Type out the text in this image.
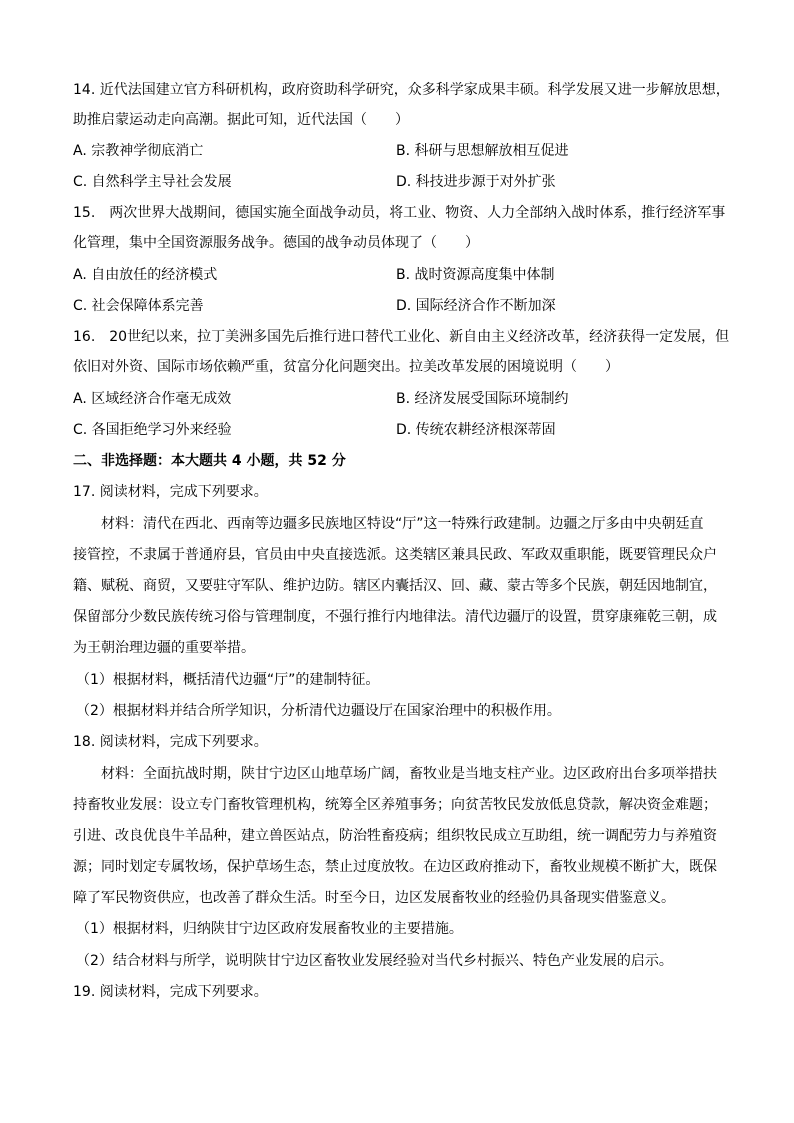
14. 近代法国建立官方科研机构，政府资助科学研究，众多科学家成果丰硕。科学发展又进一步解放思想，
助推启蒙运动走向高潮。据此可知，近代法国（　　）
A. 宗教神学彻底消亡	B. 科研与思想解放相互促进
C. 自然科学主导社会发展	D. 科技进步源于对外扩张
15.　两次世界大战期间，德国实施全面战争动员，将工业、物资、人力全部纳入战时体系，推行经济军事
化管理，集中全国资源服务战争。德国的战争动员体现了（　　）
A. 自由放任的经济模式	B. 战时资源高度集中体制
C. 社会保障体系完善	D. 国际经济合作不断加深
16.　20世纪以来，拉丁美洲多国先后推行进口替代工业化、新自由主义经济改革，经济获得一定发展，但
依旧对外资、国际市场依赖严重，贫富分化问题突出。拉美改革发展的困境说明（　　）
A. 区域经济合作毫无成效	B. 经济发展受国际环境制约
C. 各国拒绝学习外来经验	D. 传统农耕经济根深蒂固
二、非选择题：本大题共 4 小题，共 52 分
17. 阅读材料，完成下列要求。
材料：清代在西北、西南等边疆多民族地区特设“厅”这一特殊行政建制。边疆之厅多由中央朝廷直
接管控，不隶属于普通府县，官员由中央直接选派。这类辖区兼具民政、军政双重职能，既要管理民众户
籍、赋税、商贸，又要驻守军队、维护边防。辖区内囊括汉、回、藏、蒙古等多个民族，朝廷因地制宜，
保留部分少数民族传统习俗与管理制度，不强行推行内地律法。清代边疆厅的设置，贯穿康雍乾三朝，成
为王朝治理边疆的重要举措。
（1）根据材料，概括清代边疆“厅”的建制特征。
（2）根据材料并结合所学知识，分析清代边疆设厅在国家治理中的积极作用。
18. 阅读材料，完成下列要求。
材料：全面抗战时期，陕甘宁边区山地草场广阔，畜牧业是当地支柱产业。边区政府出台多项举措扶
持畜牧业发展：设立专门畜牧管理机构，统筹全区养殖事务；向贫苦牧民发放低息贷款，解决资金难题；
引进、改良优良牛羊品种，建立兽医站点，防治牲畜疫病；组织牧民成立互助组，统一调配劳力与养殖资
源；同时划定专属牧场，保护草场生态，禁止过度放牧。在边区政府推动下，畜牧业规模不断扩大，既保
障了军民物资供应，也改善了群众生活。时至今日，边区发展畜牧业的经验仍具备现实借鉴意义。
（1）根据材料，归纳陕甘宁边区政府发展畜牧业的主要措施。
（2）结合材料与所学，说明陕甘宁边区畜牧业发展经验对当代乡村振兴、特色产业发展的启示。
19. 阅读材料，完成下列要求。
